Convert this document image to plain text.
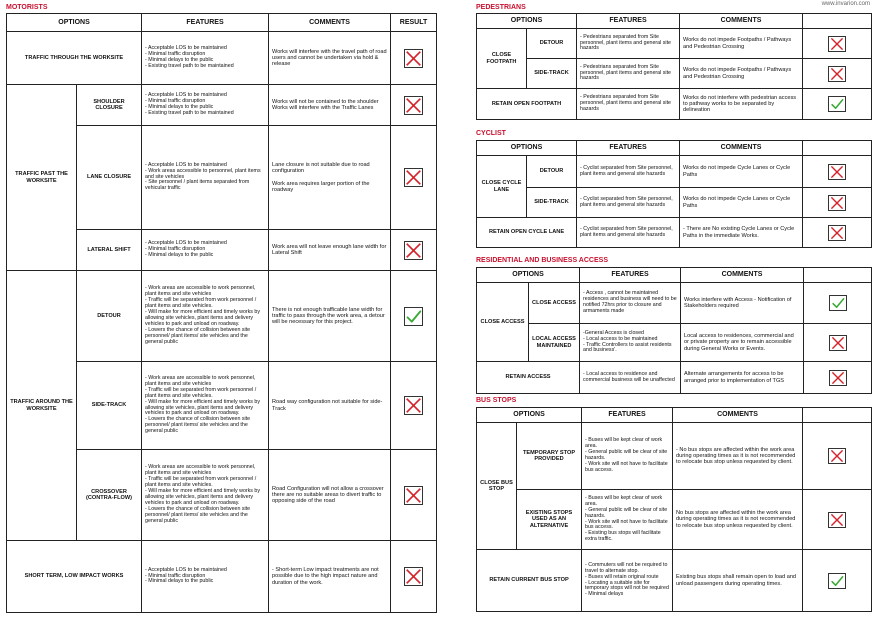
www.invarion.com
MOTORISTS
OPTIONS		FEATURES	COMMENTS	RESULT
TRAFFIC THROUGH THE WORKSITE		- Acceptable LOS to be maintained
- Minimal traffic disruption
- Minimal delays to the public
- Existing travel path to be maintained	Works will interfere with the travel path of road users and cannot be undertaken via hold & release	

TRAFFIC PAST THE WORKSITE	SHOULDER CLOSURE	- Acceptable LOS to be maintained
- Minimal traffic disruption
- Minimal delays to the public
- Existing travel path to be maintained	Works will not be contained to the shoulder
Works will interfere with the Traffic Lanes	

	LANE CLOSURE	- Acceptable LOS to be maintained
- Work areas accessible to personnel, plant items and site vehicles
- Site personnel / plant items separated from vehicular traffic	Lane closure is not suitable due to road configuration

Work area requires larger portion of the roadway	

	LATERAL SHIFT	- Acceptable LOS to be maintained
- Minimal traffic disruption
- Minimal delays to the public	Work area will not leave enough lane width for Lateral Shift	

TRAFFIC AROUND THE WORKSITE	DETOUR	- Work areas are accessible to work personnel, plant items and site vehicles
- Traffic will be separated from work personnel / plant items and site vehicles.
- Will make for more efficient and timely works by allowing site vehicles, plant items and delivery vehicles to park and unload on roadway.
- Lowers the chance of collision between site personnel/ plant items/ site vehicles and the general public	There is not enough trafficable lane width for traffic to pass through the work area, a detour will be necessary for this project.	

	SIDE-TRACK	- Work areas are accessible to work personnel, plant items and site vehicles
- Traffic will be separated from work personnel / plant items and site vehicles.
- Will make for more efficient and timely works by allowing site vehicles, plant items and delivery vehicles to park and unload on roadway.
- Lowers the chance of collision between site personnel/ plant items/ site vehicles and the general public	Road way configuration not suitable for side-Track	

	CROSSOVER (CONTRA-FLOW)	- Work areas are accessible to work personnel, plant items and site vehicles
- Traffic will be separated from work personnel / plant items and site vehicles.
- Will make for more efficient and timely works by allowing site vehicles, plant items and delivery vehicles to park and unload on roadway.
- Lowers the chance of collision between site personnel/ plant items/ site vehicles and the general public	Road Configuration will not allow a crossover there are no suitable areas to divert traffic to opposing side of the road	

SHORT TERM, LOW IMPACT WORKS		- Acceptable LOS to be maintained
- Minimal traffic disruption
- Minimal delays to the public	- Short-term Low impact treatments are not possible due to the high impact nature and duration of the work.	
PEDESTRIANS
OPTIONS		FEATURES	COMMENTS	
CLOSE FOOTPATH	DETOUR	- Pedestrians separated from Site personnel, plant items and general site hazards	Works do not impede Footpaths / Pathways and Pedestrian Crossing	

	SIDE-TRACK	- Pedestrians separated from Site personnel, plant items and general site hazards	Works do not impede Footpaths / Pathways and Pedestrian Crossing	

RETAIN OPEN FOOTPATH		- Pedestrians separated from Site personnel, plant items and general site hazards	Works do not interfere with pedestrian access to pathway works to be separated by delineation	
CYCLIST
OPTIONS		FEATURES	COMMENTS	
CLOSE CYCLE LANE	DETOUR	- Cyclist separated from Site personnel, plant items and general site hazards	Works do not impede Cycle Lanes or Cycle Paths	

	SIDE-TRACK	- Cyclist separated from Site personnel, plant items and general site hazards	Works do not impede Cycle Lanes or Cycle Paths	

RETAIN OPEN CYCLE LANE		- Cyclist separated from Site personnel, plant items and general site hazards	- There are No existing Cycle Lanes or Cycle Paths in the immediate Works.	
RESIDENTIAL AND BUSINESS ACCESS
OPTIONS		FEATURES	COMMENTS	
CLOSE ACCESS	CLOSE ACCESS	- Access , cannot be maintained residences and business will need to be notified 72hrs prior to closure and armaments made	Works interfere with Access - Notification of Stakeholders required	

	LOCAL ACCESS MAINTAINED	-General Access is closed
- Local access to be maintained
- Traffic Controllers to assist residents and business'.	Local access to residences, commercial and or private property are to remain accessible during General Works or Events.	

RETAIN ACCESS		- Local access to residence and commercial business will be unaffected	Alternate arrangements for access to be arranged prior to implementation of TGS	
BUS STOPS
OPTIONS		FEATURES	COMMENTS	
CLOSE BUS STOP	TEMPORARY STOP PROVIDED	- Buses will be kept clear of work area.
- General public will be clear of site hazards.
- Work site will not have to facilitate bus access.	- No bus stops are affected within the work area during operating times as it is not recommended to relocate bus stop unless requested by client.	

	EXISTING STOPS USED AS AN ALTERNATIVE	- Buses will be kept clear of work area.
- General public will be clear of site hazards.
- Work site will not have to facilitate bus access.
- Existing bus stops will facilitate extra traffic.	No bus stops are affected within the work area during operating times as it is not recommended to relocate bus stop unless requested by client.	

RETAIN CURRENT BUS STOP		- Commuters will not be required to travel to alternate stop.
- Buses will retain original route
- Locating a suitable site for temporary stops will not be required
- Minimal delays	Existing bus stops shall remain open to load and unload passengers during operating times.	
